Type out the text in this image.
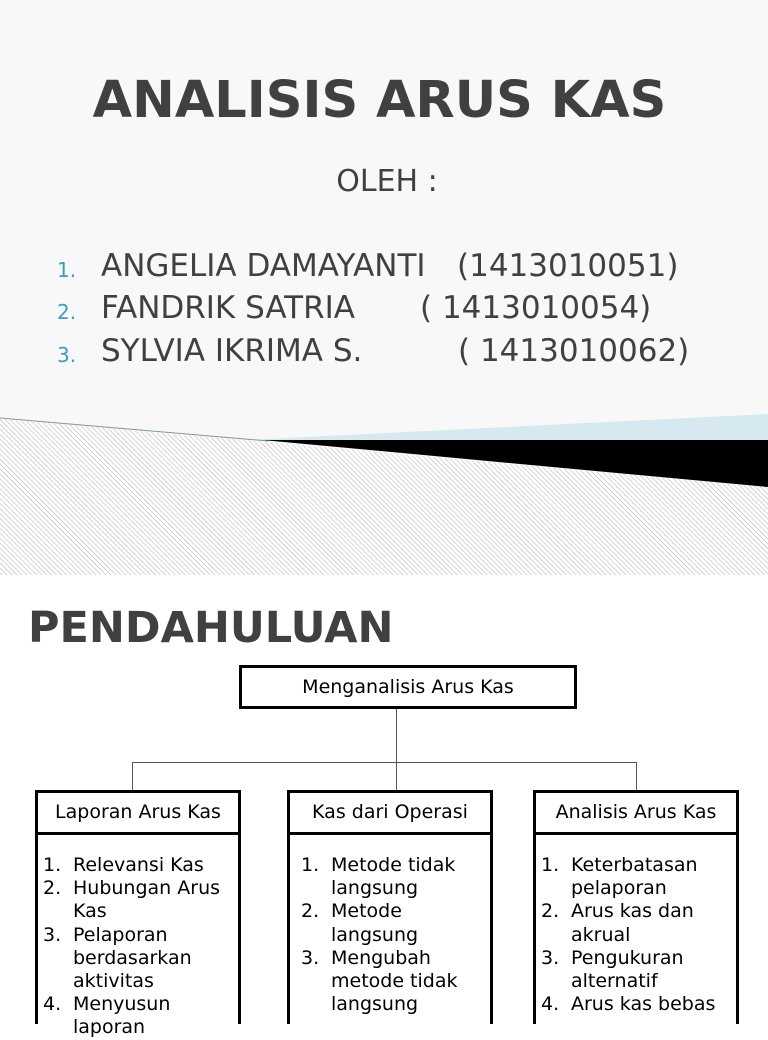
ANALISIS ARUS KAS
OLEH :
1. ANGELIA DAMAYANTI (1413010051)
2. FANDRIK SATRIA ( 1413010054)
3. SYLVIA IKRIMA S.	( 1413010062)
PENDAHULUAN
Menganalisis Arus Kas
Laporan Arus Kas
1. Relevansi Kas
2. Hubungan Arus Kas
3. Pelaporan berdasarkan aktivitas
4. Menyusun laporan
Kas dari Operasi
1. Metode tidak langsung
2. Metode langsung
3. Mengubah metode tidak langsung
Analisis Arus Kas
1. Keterbatasan pelaporan
2. Arus kas dan akrual
3. Pengukuran alternatif
4. Arus kas bebas
